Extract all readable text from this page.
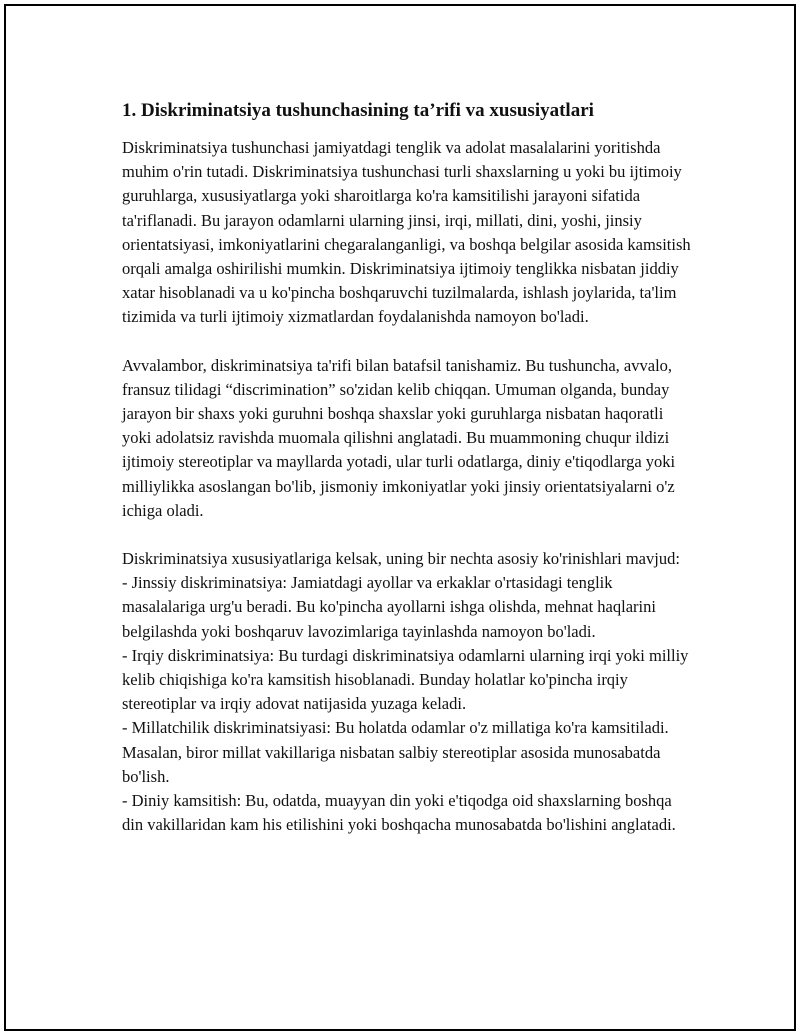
1. Diskriminatsiya tushunchasining ta’rifi va xususiyatlari

Diskriminatsiya tushunchasi jamiyatdagi tenglik va adolat masalalarini yoritishda muhim o'rin tutadi. Diskriminatsiya tushunchasi turli shaxslarning u yoki bu ijtimoiy guruhlarga, xususiyatlarga yoki sharoitlarga ko'ra kamsitilishi jarayoni sifatida ta'riflanadi. Bu jarayon odamlarni ularning jinsi, irqi, millati, dini, yoshi, jinsiy orientatsiyasi, imkoniyatlarini chegaralanganligi, va boshqa belgilar asosida kamsitish orqali amalga oshirilishi mumkin. Diskriminatsiya ijtimoiy tenglikka nisbatan jiddiy xatar hisoblanadi va u ko'pincha boshqaruvchi tuzilmalarda, ishlash joylarida, ta'lim tizimida va turli ijtimoiy xizmatlardan foydalanishda namoyon bo'ladi.

Avvalambor, diskriminatsiya ta'rifi bilan batafsil tanishamiz. Bu tushuncha, avvalo, fransuz tilidagi “discrimination” so'zidan kelib chiqqan. Umuman olganda, bunday jarayon bir shaxs yoki guruhni boshqa shaxslar yoki guruhlarga nisbatan haqoratli yoki adolatsiz ravishda muomala qilishni anglatadi. Bu muammoning chuqur ildizi ijtimoiy stereotiplar va mayllarda yotadi, ular turli odatlarga, diniy e'tiqodlarga yoki milliylikka asoslangan bo'lib, jismoniy imkoniyatlar yoki jinsiy orientatsiyalarni o'z ichiga oladi.

Diskriminatsiya xususiyatlariga kelsak, uning bir nechta asosiy ko'rinishlari mavjud:

- Jinssiy diskriminatsiya: Jamiatdagi ayollar va erkaklar o'rtasidagi tenglik masalalariga urg'u beradi. Bu ko'pincha ayollarni ishga olishda, mehnat haqlarini belgilashda yoki boshqaruv lavozimlariga tayinlashda namoyon bo'ladi.
- Irqiy diskriminatsiya: Bu turdagi diskriminatsiya odamlarni ularning irqi yoki milliy kelib chiqishiga ko'ra kamsitish hisoblanadi. Bunday holatlar ko'pincha irqiy stereotiplar va irqiy adovat natijasida yuzaga keladi.
- Millatchilik diskriminatsiyasi: Bu holatda odamlar o'z millatiga ko'ra kamsitiladi. Masalan, biror millat vakillariga nisbatan salbiy stereotiplar asosida munosabatda bo'lish.
- Diniy kamsitish: Bu, odatda, muayyan din yoki e'tiqodga oid shaxslarning boshqa din vakillaridan kam his etilishini yoki boshqacha munosabatda bo'lishini anglatadi.
